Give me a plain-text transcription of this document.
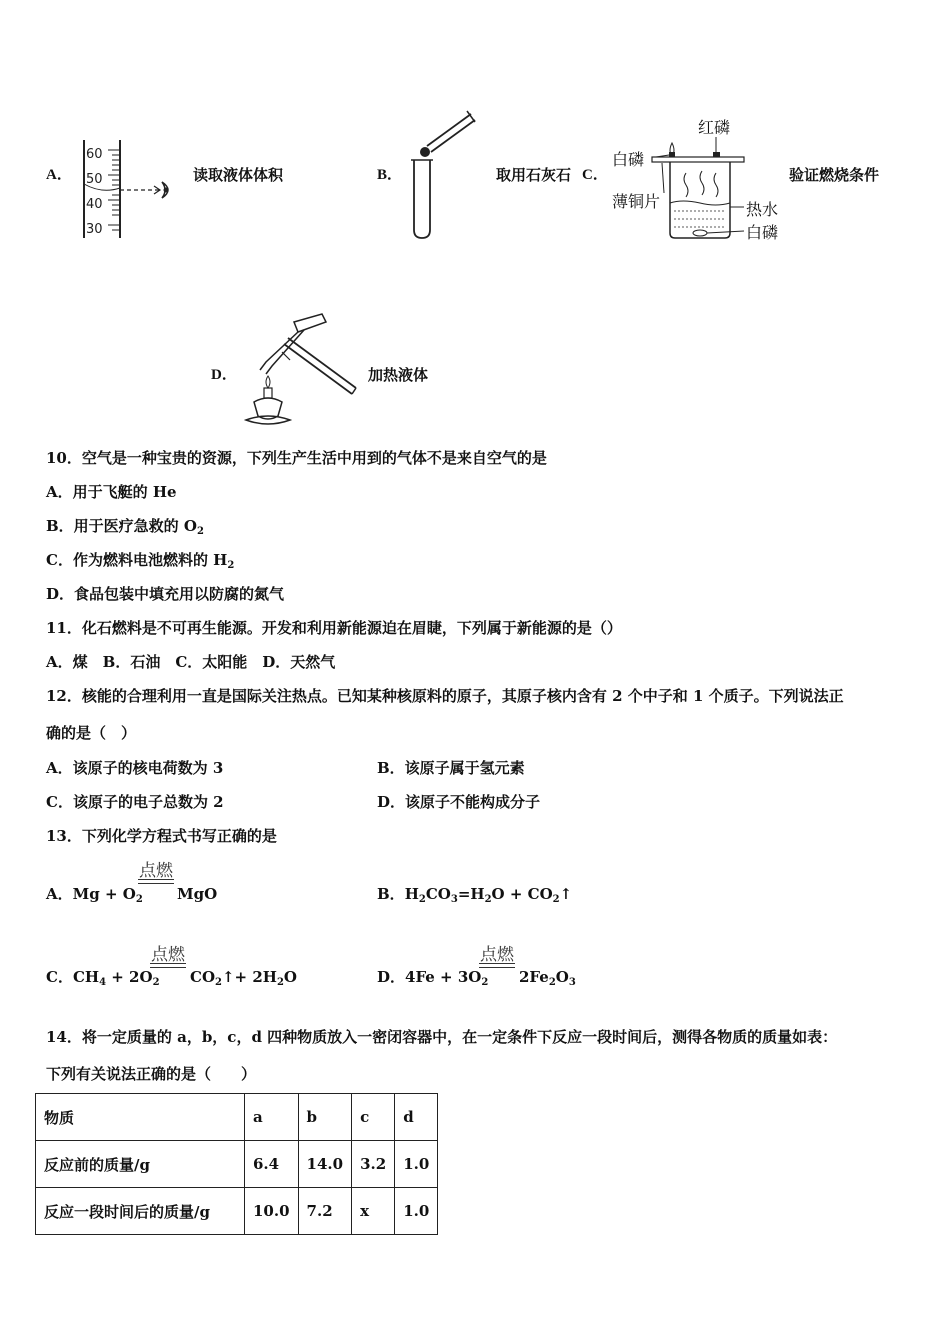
A．
60
50
40
30
读取液体体积	B．	取用石灰石 C．
红磷
白磷
薄铜片	热水
白磷
验证燃烧条件
D．	加热液体
10．空气是一种宝贵的资源，下列生产生活中用到的气体不是来自空气的是
A．用于飞艇的 He
B．用于医疗急救的 $O_2$
C．作为燃料电池燃料的 $H_2$
D．食品包装中填充用以防腐的氮气
11．化石燃料是不可再生能源。开发和利用新能源迫在眉睫，下列属于新能源的是（）
A．煤　B．石油　C．太阳能　D．天然气
12．核能的合理利用一直是国际关注热点。已知某种核原料的原子，其原子核内含有 2 个中子和 1 个质子。下列说法正
确的是（　）
A．该原子的核电荷数为 3	B．该原子属于氢元素
C．该原子的电子总数为 2	D．该原子不能构成分子
13．下列化学方程式书写正确的是
A．$Mg + O_2$
点燃
MgO	B．$H_2CO_3=H_2O$ + $CO_2↑$
C．$CH_4 + 2O_2$
点燃
$CO_2↑+ 2H_2O$	D．$4Fe + 3O_2$
点燃
$2Fe_2O_3$
14．将一定质量的 a，b，c，d 四种物质放入一密闭容器中，在一定条件下反应一段时间后，测得各物质的质量如表：
下列有关说法正确的是（　　）
物质	a	b	c	d
反应前的质量/g	6.4	14.0	3.2	1.0
反应一段时间后的质量/g	10.0	7.2	x	1.0
